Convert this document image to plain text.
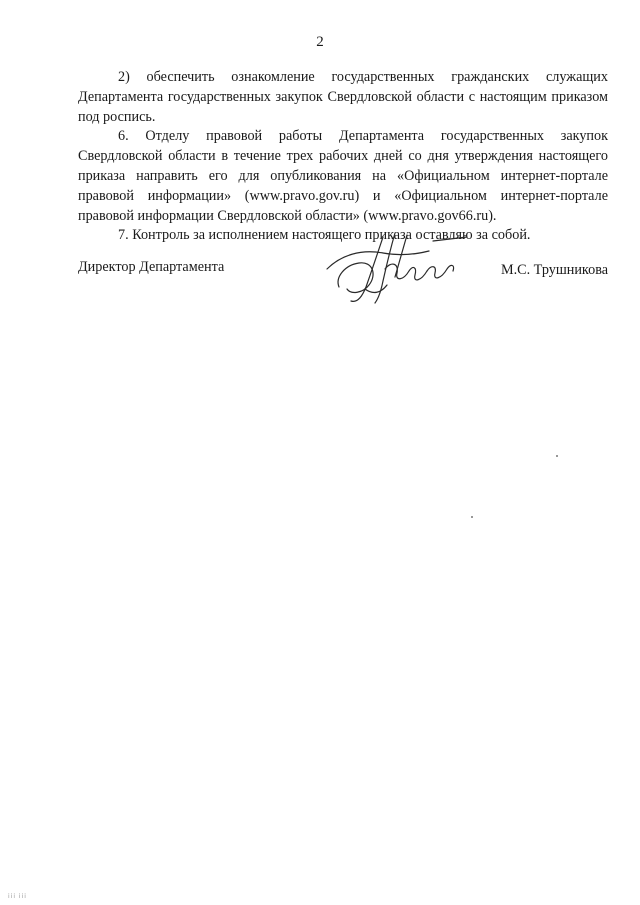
2

2) обеспечить ознакомление государственных гражданских служащих Департамента государственных закупок Свердловской области с настоящим приказом под роспись.

6. Отделу правовой работы Департамента государственных закупок Свердловской области в течение трех рабочих дней со дня утверждения настоящего приказа направить его для опубликования на «Официальном интернет-портале правовой информации» (www.pravo.gov.ru) и «Официальном интернет-портале правовой информации Свердловской области» (www.pravo.gov66.ru).

7. Контроль за исполнением настоящего приказа оставляю за собой.

Директор Департамента	М.С. Трушникова
ⅰⅰⅰ ⅰⅰⅰ
